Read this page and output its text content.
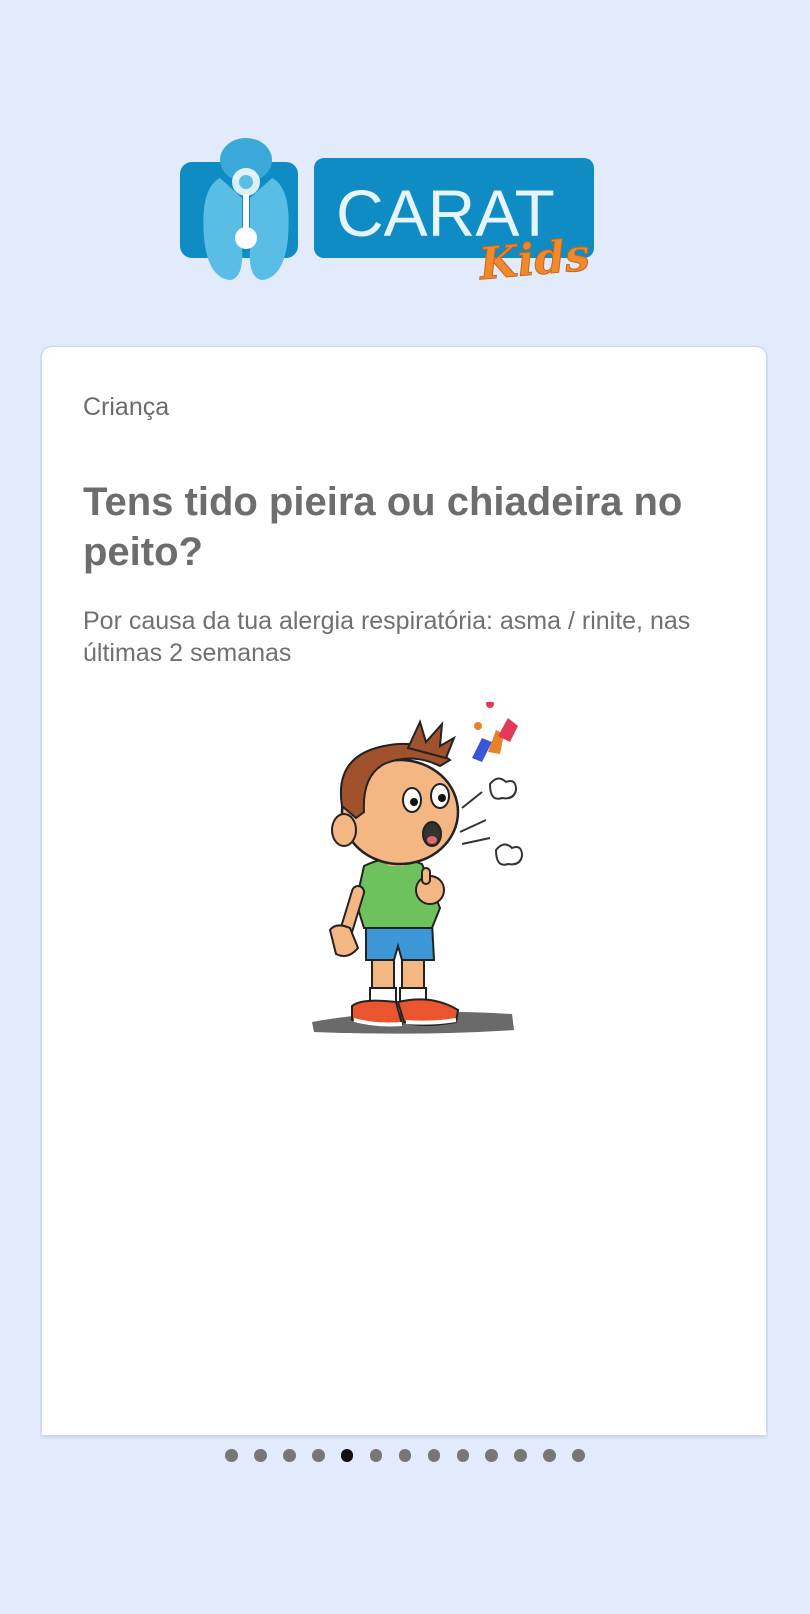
CARAT
Kids
Criança
Tens tido pieira ou chiadeira no peito?
Por causa da tua alergia respiratória: asma / rinite, nas últimas 2 semanas
